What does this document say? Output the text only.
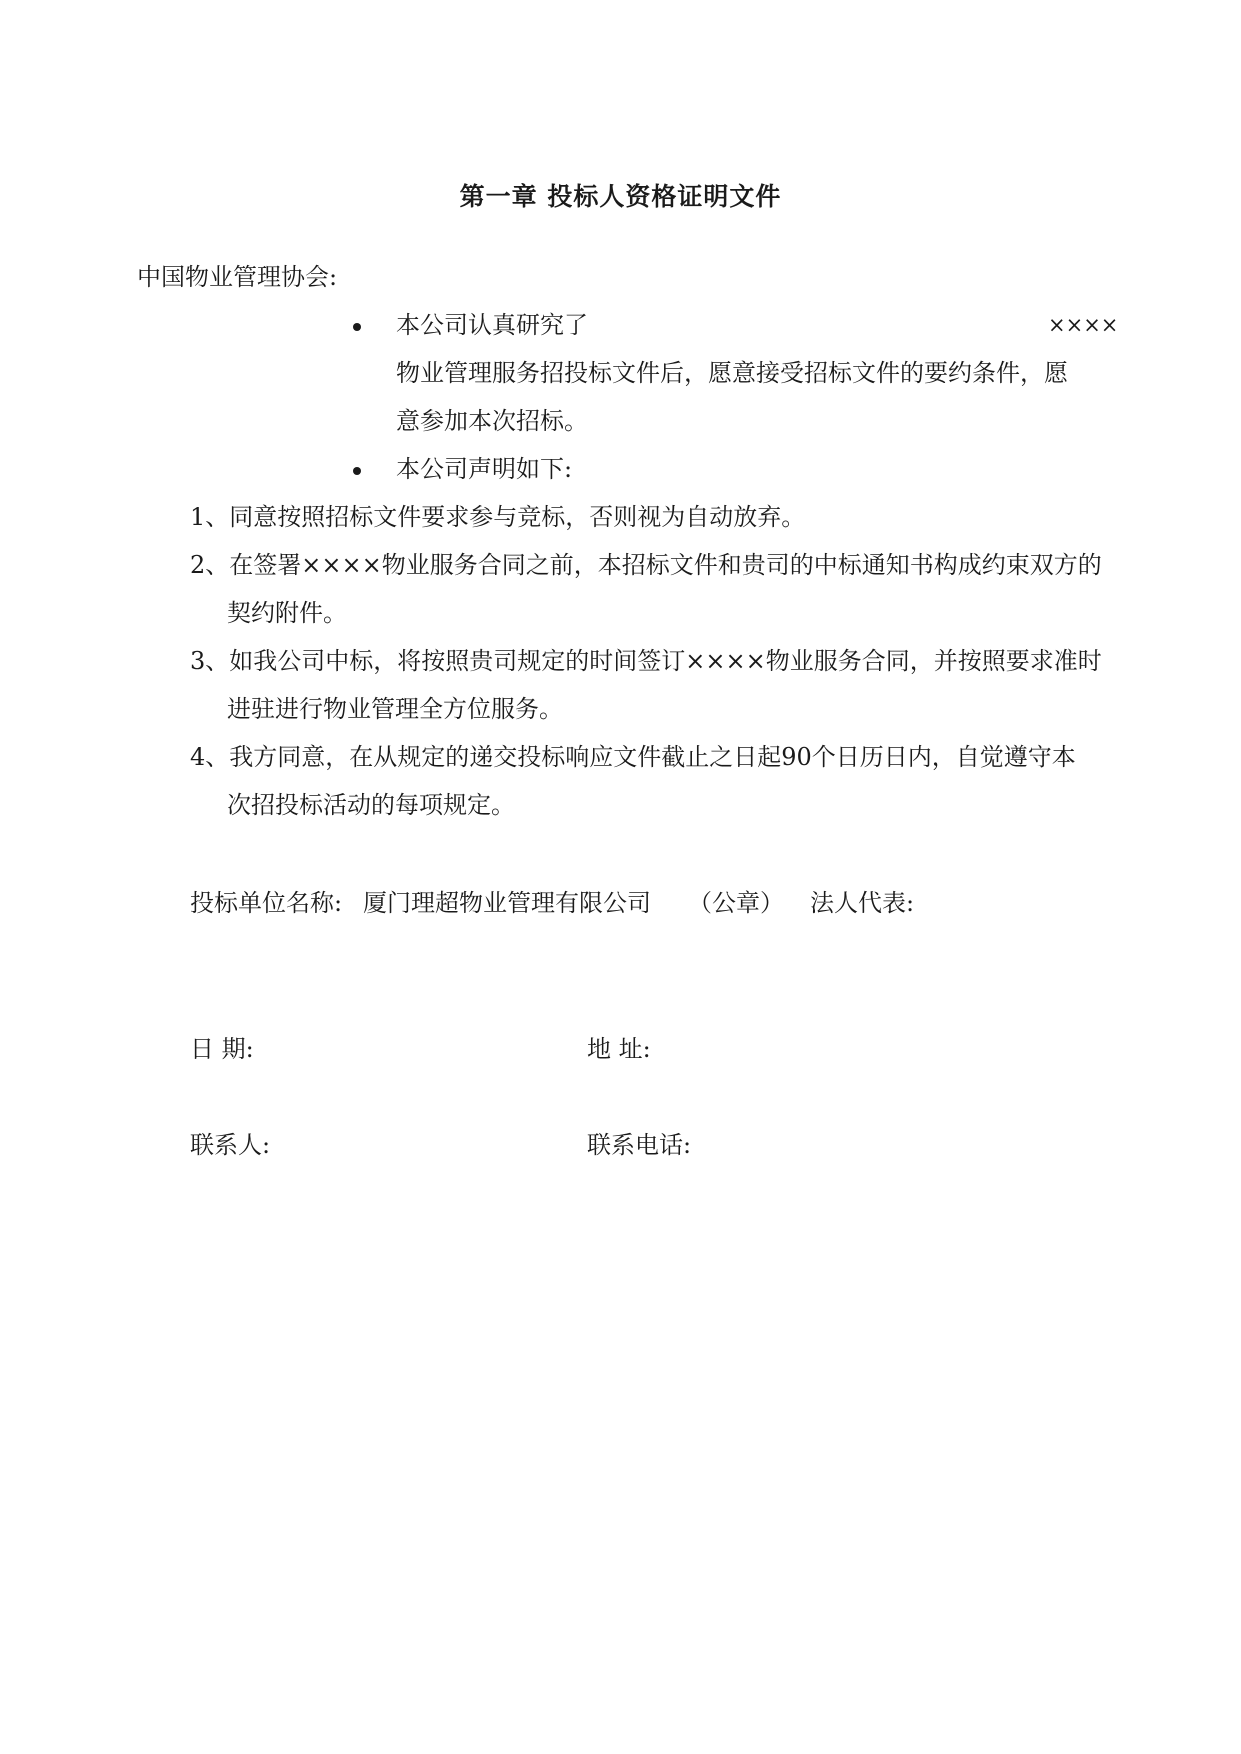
第一章 投标人资格证明文件
中国物业管理协会:
本公司认真研究了	××××
物业管理服务招投标文件后，愿意接受招标文件的要约条件，愿
意参加本次招标。
本公司声明如下:
1、同意按照招标文件要求参与竞标，否则视为自动放弃。
2、在签署××××物业服务合同之前，本招标文件和贵司的中标通知书构成约束双方的
契约附件。
3、如我公司中标，将按照贵司规定的时间签订××××物业服务合同，并按照要求准时
进驻进行物业管理全方位服务。
4、我方同意，在从规定的递交投标响应文件截止之日起90个日历日内，自觉遵守本
次招投标活动的每项规定。
投标单位名称: 厦门理超物业管理有限公司 （公章） 法人代表:
日 期:	地 址:
联系人:	联系电话:
